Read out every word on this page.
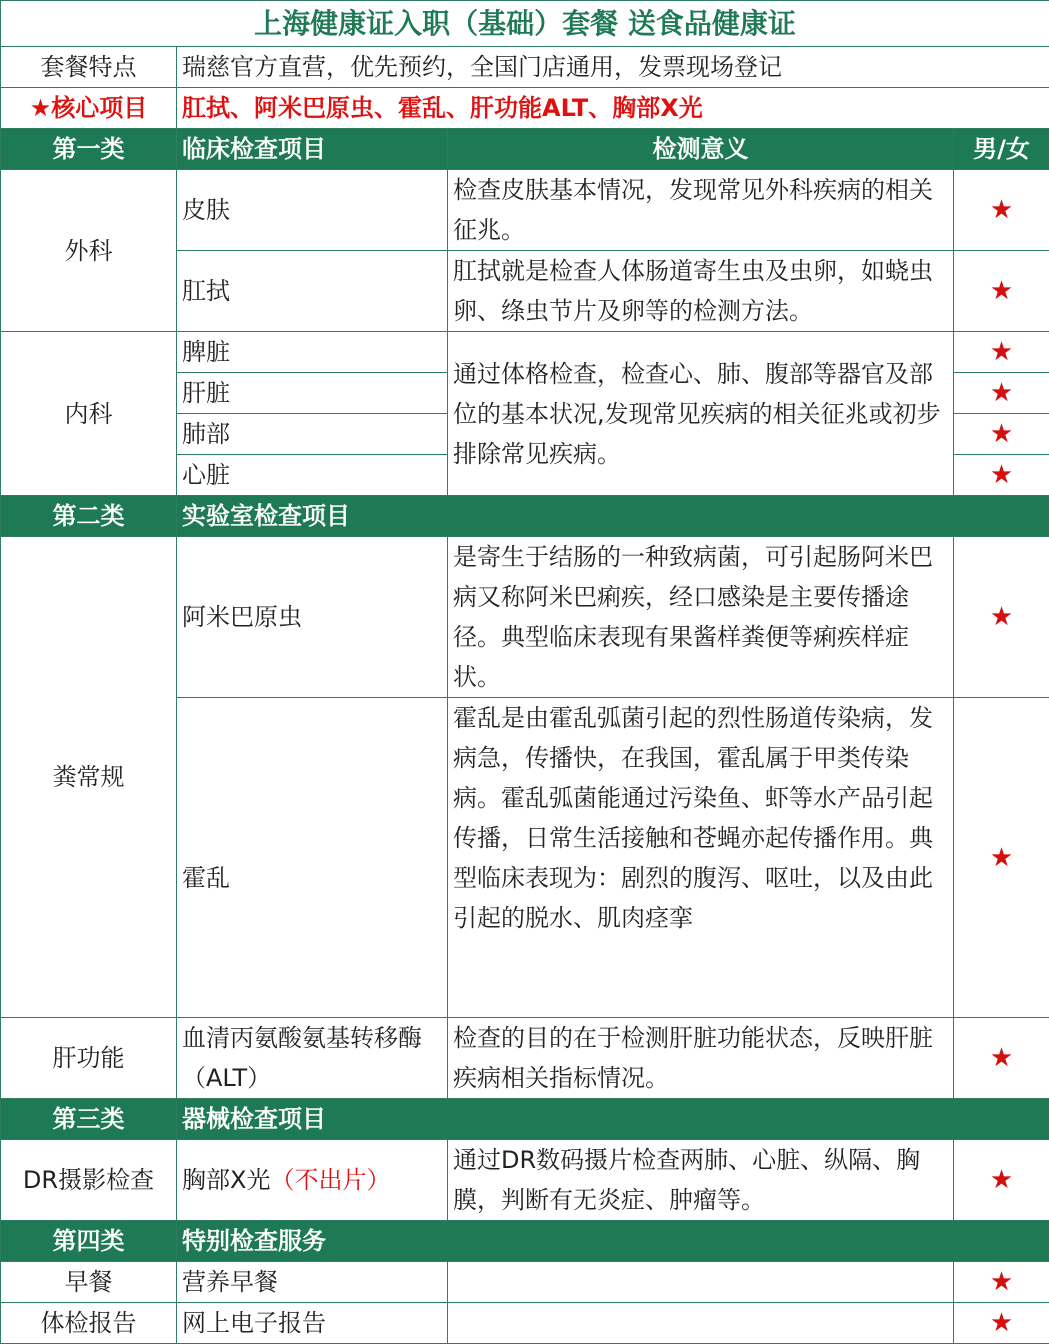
上海健康证入职（基础）套餐 送食品健康证			
套餐特点	瑞慈官方直营，优先预约，全国门店通用，发票现场登记		
★核心项目	肛拭、阿米巴原虫、霍乱、肝功能ALT、胸部X光		
第一类	临床检查项目	检测意义	男/女
外科	皮肤	检查皮肤基本情况，发现常见外科疾病的相关征兆。	★
	肛拭	肛拭就是检查人体肠道寄生虫及虫卵，如蛲虫卵、绦虫节片及卵等的检测方法。	★
内科	脾脏	通过体格检查，检查心、肺、腹部等器官及部位的基本状况,发现常见疾病的相关征兆或初步排除常见疾病。	★
	肝脏		★
	肺部		★
	心脏		★
第二类	实验室检查项目		
粪常规	阿米巴原虫	是寄生于结肠的一种致病菌，可引起肠阿米巴病又称阿米巴痢疾，经口感染是主要传播途径。典型临床表现有果酱样粪便等痢疾样症状。	★
	霍乱	霍乱是由霍乱弧菌引起的烈性肠道传染病，发病急，传播快，在我国，霍乱属于甲类传染病。霍乱弧菌能通过污染鱼、虾等水产品引起传播，日常生活接触和苍蝇亦起传播作用。典型临床表现为：剧烈的腹泻、呕吐，以及由此引起的脱水、肌肉痉挛	★
肝功能	血清丙氨酸氨基转移酶（ALT）	检查的目的在于检测肝脏功能状态，反映肝脏疾病相关指标情况。	★
第三类	器械检查项目		
DR摄影检查	胸部X光（不出片）	通过DR数码摄片检查两肺、心脏、纵隔、胸膜，判断有无炎症、肿瘤等。	★
第四类	特别检查服务		
早餐	营养早餐		★
体检报告	网上电子报告		★
